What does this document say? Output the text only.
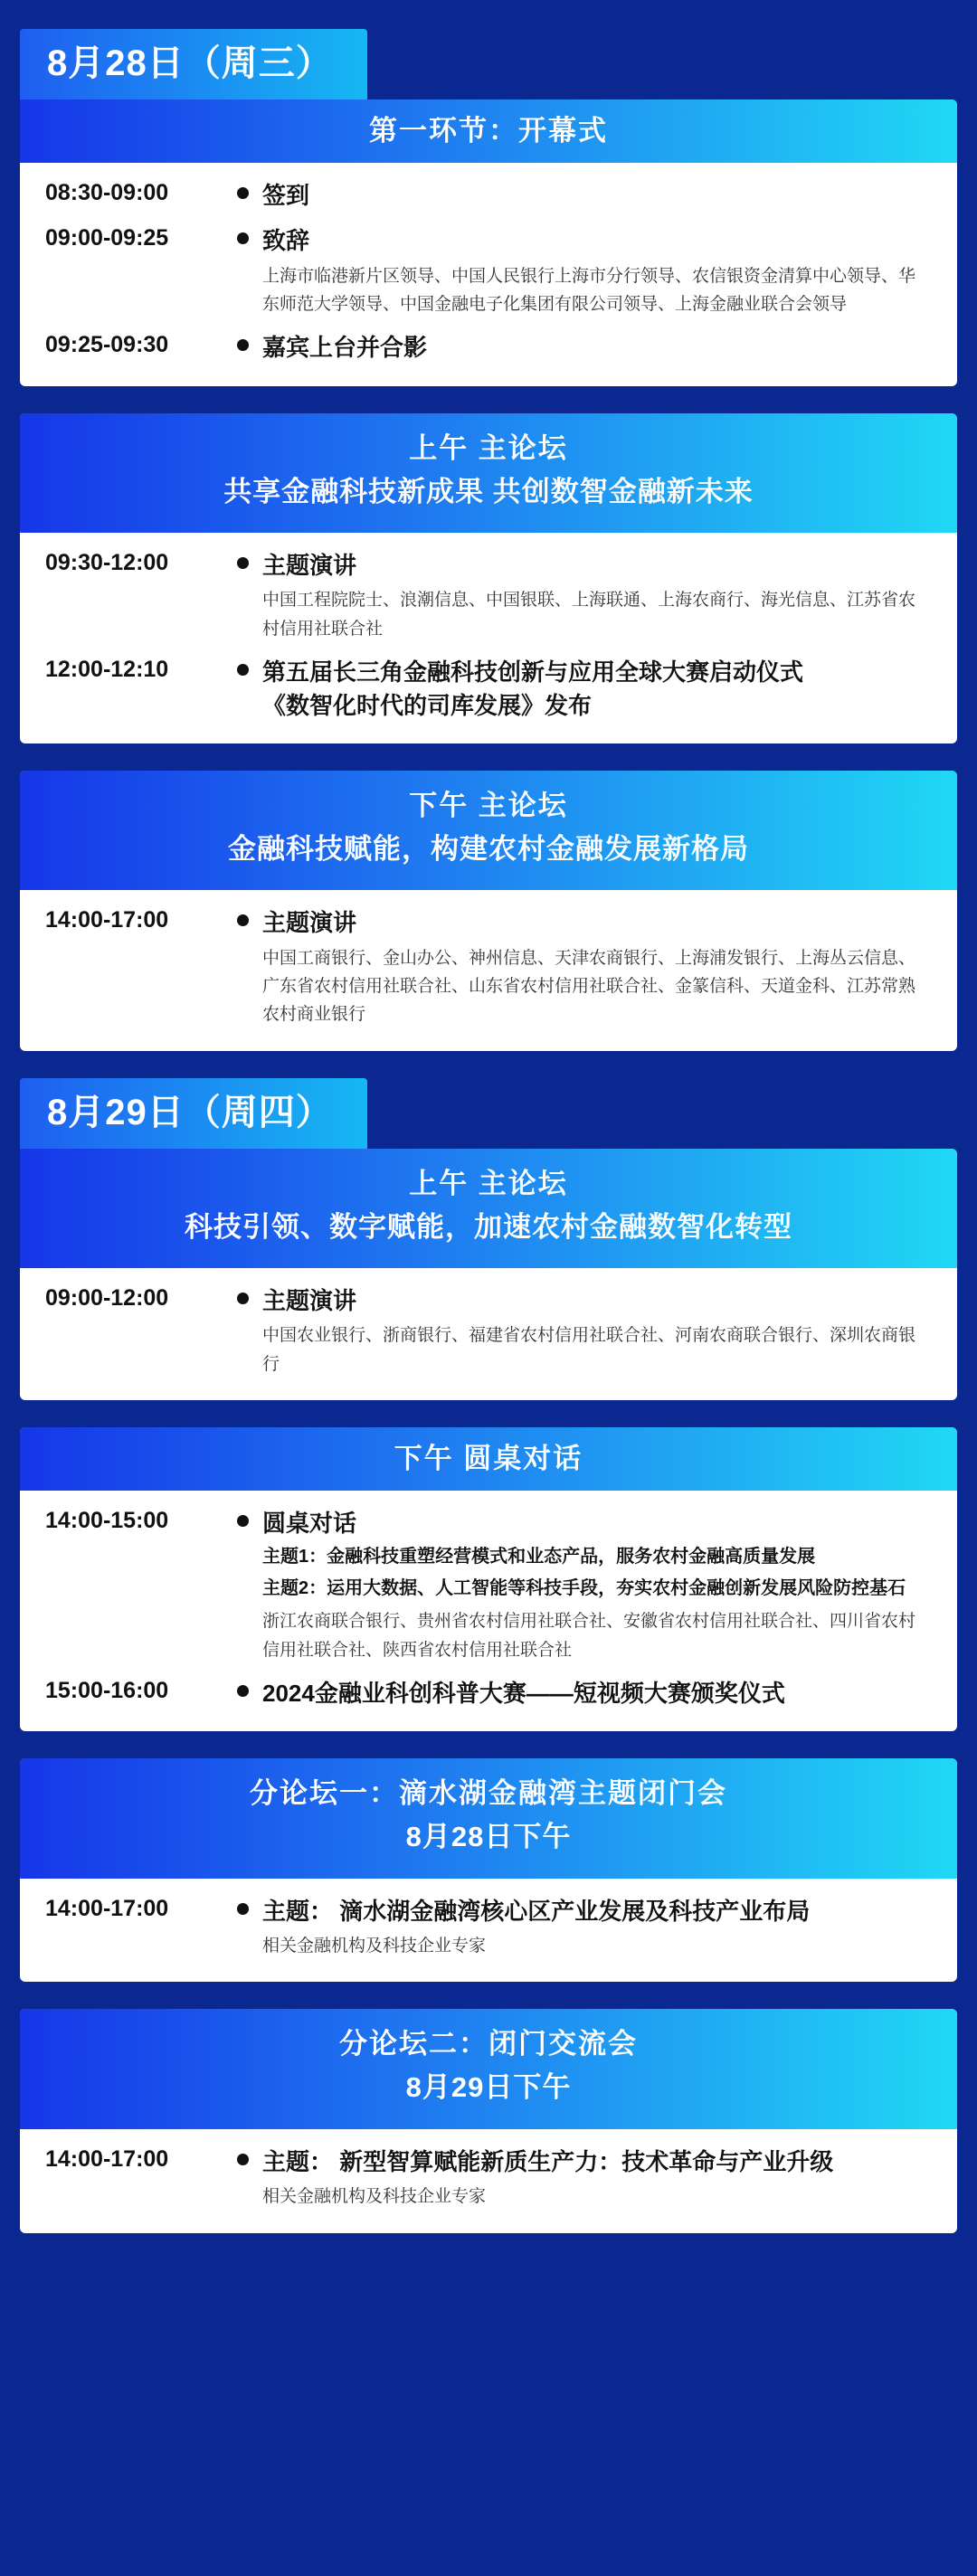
8月28日（周三）
第一环节：开幕式
08:30-09:00	签到
09:00-09:25	致辞
上海市临港新片区领导、中国人民银行上海市分行领导、农信银资金清算中心领导、华东师范大学领导、中国金融电子化集团有限公司领导、上海金融业联合会领导
09:25-09:30	嘉宾上台并合影
上午 主论坛
共享金融科技新成果 共创数智金融新未来
09:30-12:00	主题演讲
中国工程院院士、浪潮信息、中国银联、上海联通、上海农商行、海光信息、江苏省农村信用社联合社
12:00-12:10	第五届长三角金融科技创新与应用全球大赛启动仪式
《数智化时代的司库发展》发布
下午 主论坛
金融科技赋能，构建农村金融发展新格局
14:00-17:00	主题演讲
中国工商银行、金山办公、神州信息、天津农商银行、上海浦发银行、上海丛云信息、广东省农村信用社联合社、山东省农村信用社联合社、金篆信科、天道金科、江苏常熟农村商业银行
8月29日（周四）
上午 主论坛
科技引领、数字赋能，加速农村金融数智化转型
09:00-12:00	主题演讲
中国农业银行、浙商银行、福建省农村信用社联合社、河南农商联合银行、深圳农商银行
下午 圆桌对话
14:00-15:00	圆桌对话
主题1：金融科技重塑经营模式和业态产品，服务农村金融高质量发展
主题2：运用大数据、人工智能等科技手段，夯实农村金融创新发展风险防控基石
浙江农商联合银行、贵州省农村信用社联合社、安徽省农村信用社联合社、四川省农村信用社联合社、陕西省农村信用社联合社
15:00-16:00	2024金融业科创科普大赛——短视频大赛颁奖仪式
分论坛一：滴水湖金融湾主题闭门会
8月28日下午
14:00-17:00	主题： 滴水湖金融湾核心区产业发展及科技产业布局
相关金融机构及科技企业专家
分论坛二：闭门交流会
8月29日下午
14:00-17:00	主题： 新型智算赋能新质生产力：技术革命与产业升级
相关金融机构及科技企业专家
